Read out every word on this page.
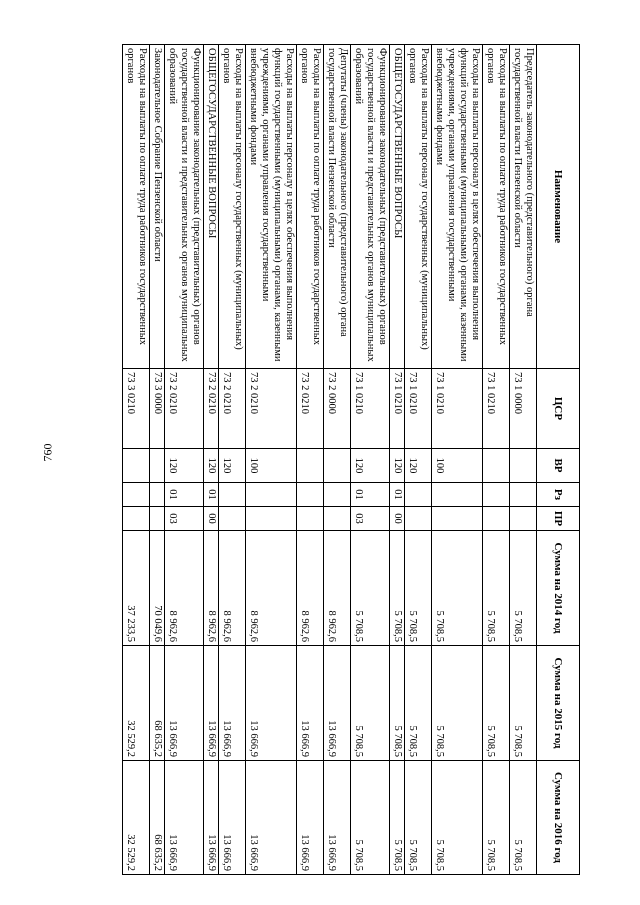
760
Наименование	ЦСР	ВР	Рз	ПР	Сумма на 2014 год	Сумма на 2015 год	Сумма на 2016 год
Председатель законодательного (представительного) органа государственной власти Пензенской области	73 1 0000				5 708,5	5 708,5	5 708,5
Расходы на выплаты по оплате труда работников государственных органов	73 1 0210				5 708,5	5 708,5	5 708,5
Расходы на выплаты персоналу в целях обеспечения выполнения функций государственными (муниципальными) органами, казенными учреждениями, органами управления государственными внебюджетными фондами	73 1 0210	100			5 708,5	5 708,5	5 708,5
Расходы на выплаты персоналу государственных (муниципальных) органов	73 1 0210	120			5 708,5	5 708,5	5 708,5
ОБЩЕГОСУДАРСТВЕННЫЕ ВОПРОСЫ	73 1 0210	120	01	00	5 708,5	5 708,5	5 708,5
Функционирование законодательных (представительных) органов государственной власти и представительных органов муниципальных образований	73 1 0210	120	01	03	5 708,5	5 708,5	5 708,5
Депутаты (члены) законодательного (представительного) органа государственной власти Пензенской области	73 2 0000				8 962,6	13 666,9	13 666,9
Расходы на выплаты по оплате труда работников государственных органов	73 2 0210				8 962,6	13 666,9	13 666,9
Расходы на выплаты персоналу в целях обеспечения выполнения функций государственными (муниципальными) органами, казенными учреждениями, органами управления государственными внебюджетными фондами	73 2 0210	100			8 962,6	13 666,9	13 666,9
Расходы на выплаты персоналу государственных (муниципальных) органов	73 2 0210	120			8 962,6	13 666,9	13 666,9
ОБЩЕГОСУДАРСТВЕННЫЕ ВОПРОСЫ	73 2 0210	120	01	00	8 962,6	13 666,9	13 666,9
Функционирование законодательных (представительных) органов государственной власти и представительных органов муниципальных образований	73 2 0210	120	01	03	8 962,6	13 666,9	13 666,9
Законодательное Собрание Пензенской области	73 3 0000				70 049,6	68 635,2	68 635,2
Расходы на выплаты по оплате труда работников государственных органов	73 3 0210				37 233,5	32 529,2	32 529,2
